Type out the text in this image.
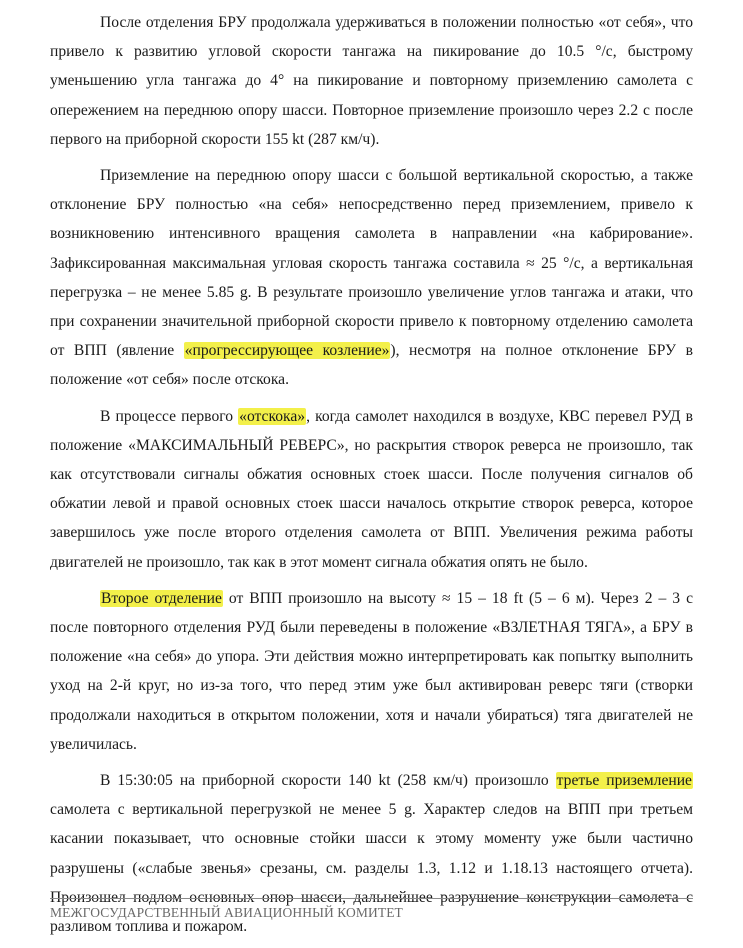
После отделения БРУ продолжала удерживаться в положении полностью «от себя», что привело к развитию угловой скорости тангажа на пикирование до 10.5 °/с, быстрому уменьшению угла тангажа до 4° на пикирование и повторному приземлению самолета с опережением на переднюю опору шасси. Повторное приземление произошло через 2.2 с после первого на приборной скорости 155 kt (287 км/ч).

Приземление на переднюю опору шасси с большой вертикальной скоростью, а также отклонение БРУ полностью «на себя» непосредственно перед приземлением, привело к возникновению интенсивного вращения самолета в направлении «на кабрирование». Зафиксированная максимальная угловая скорость тангажа составила ≈ 25 °/с, а вертикальная перегрузка – не менее 5.85 g. В результате произошло увеличение углов тангажа и атаки, что при сохранении значительной приборной скорости привело к повторному отделению самолета от ВПП (явление «прогрессирующее козление»), несмотря на полное отклонение БРУ в положение «от себя» после отскока.

В процессе первого «отскока», когда самолет находился в воздухе, КВС перевел РУД в положение «МАКСИМАЛЬНЫЙ РЕВЕРС», но раскрытия створок реверса не произошло, так как отсутствовали сигналы обжатия основных стоек шасси. После получения сигналов об обжатии левой и правой основных стоек шасси началось открытие створок реверса, которое завершилось уже после второго отделения самолета от ВПП. Увеличения режима работы двигателей не произошло, так как в этот момент сигнала обжатия опять не было.

Второе отделение от ВПП произошло на высоту ≈ 15 – 18 ft (5 – 6 м). Через 2 – 3 с после повторного отделения РУД были переведены в положение «ВЗЛЕТНАЯ ТЯГА», а БРУ в положение «на себя» до упора. Эти действия можно интерпретировать как попытку выполнить уход на 2-й круг, но из-за того, что перед этим уже был активирован реверс тяги (створки продолжали находиться в открытом положении, хотя и начали убираться) тяга двигателей не увеличилась.

В 15:30:05 на приборной скорости 140 kt (258 км/ч) произошло третье приземление самолета с вертикальной перегрузкой не менее 5 g. Характер следов на ВПП при третьем касании показывает, что основные стойки шасси к этому моменту уже были частично разрушены («слабые звенья» срезаны, см. разделы 1.3, 1.12 и 1.18.13 настоящего отчета). Произошел подлом основных опор шасси, дальнейшее разрушение конструкции самолета с разливом топлива и пожаром.

МЕЖГОСУДАРСТВЕННЫЙ АВИАЦИОННЫЙ КОМИТЕТ
